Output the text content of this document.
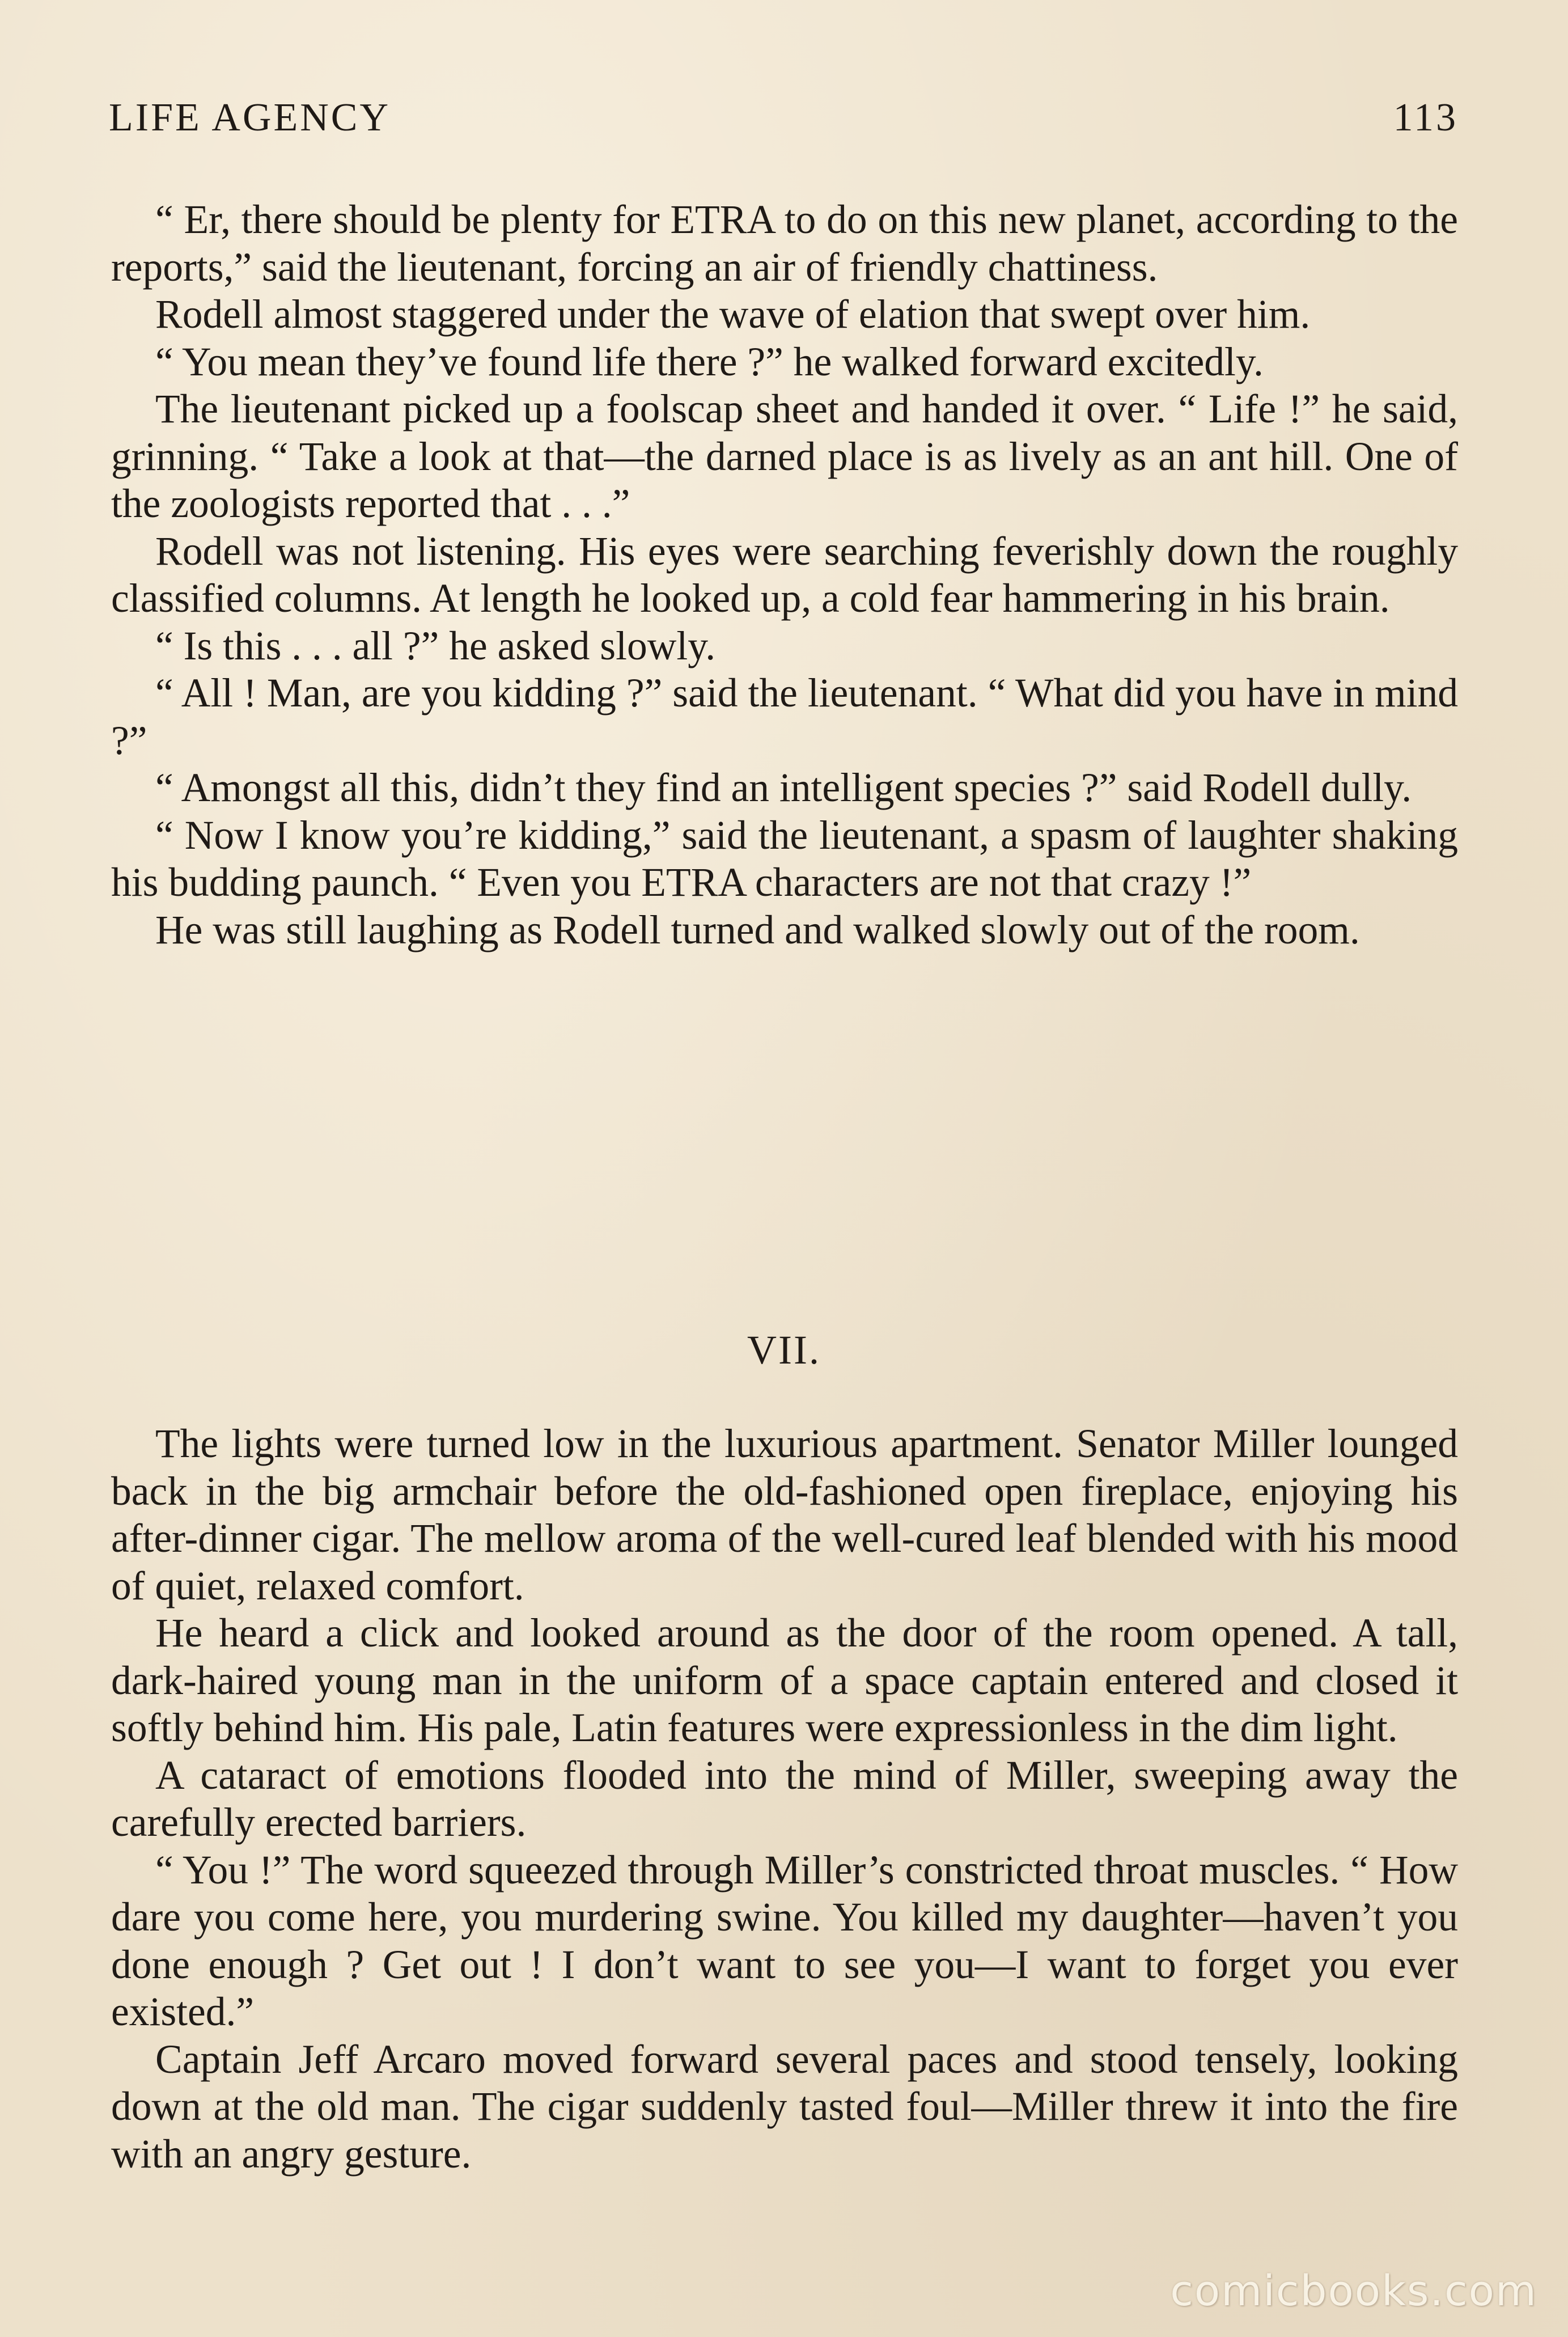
LIFE AGENCY	113

“ Er, there should be plenty for ETRA to do on this new planet, according to the reports,” said the lieutenant, forcing an air of friendly chattiness.

Rodell almost staggered under the wave of elation that swept over him.

“ You mean they’ve found life there ?” he walked forward excitedly.

The lieutenant picked up a foolscap sheet and handed it over. “ Life !” he said, grinning. “ Take a look at that—the darned place is as lively as an ant hill. One of the zoologists reported that . . .”

Rodell was not listening. His eyes were searching feverishly down the roughly classified columns. At length he looked up, a cold fear hammering in his brain.

“ Is this . . . all ?” he asked slowly.

“ All ! Man, are you kidding ?” said the lieutenant. “ What did you have in mind ?”

“ Amongst all this, didn’t they find an intelligent species ?” said Rodell dully.

“ Now I know you’re kidding,” said the lieutenant, a spasm of laughter shaking his budding paunch. “ Even you ETRA characters are not that crazy !”

He was still laughing as Rodell turned and walked slowly out of the room.

VII.

The lights were turned low in the luxurious apartment. Senator Miller lounged back in the big armchair before the old-fashioned open fireplace, enjoying his after-dinner cigar. The mellow aroma of the well-cured leaf blended with his mood of quiet, relaxed comfort.

He heard a click and looked around as the door of the room opened. A tall, dark-haired young man in the uniform of a space captain entered and closed it softly behind him. His pale, Latin features were expressionless in the dim light.

A cataract of emotions flooded into the mind of Miller, sweeping away the carefully erected barriers.

“ You !” The word squeezed through Miller’s constricted throat muscles. “ How dare you come here, you murdering swine. You killed my daughter—haven’t you done enough ? Get out ! I don’t want to see you—I want to forget you ever existed.”

Captain Jeff Arcaro moved forward several paces and stood tensely, looking down at the old man. The cigar suddenly tasted foul—Miller threw it into the fire with an angry gesture.

comicbooks.com
